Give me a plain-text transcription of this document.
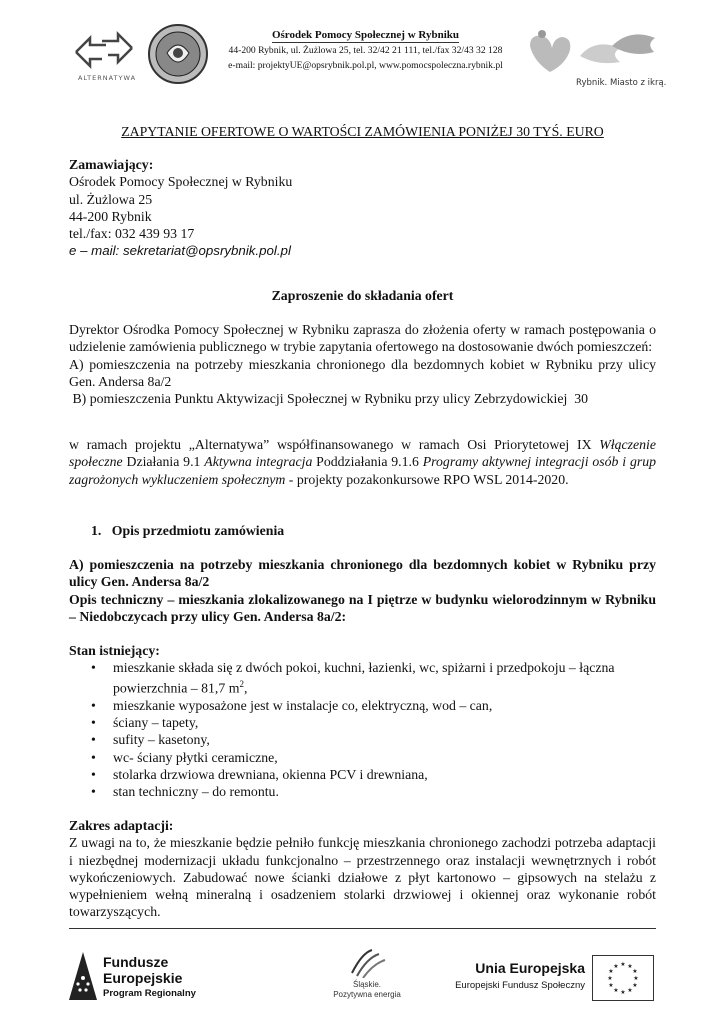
ALTERNATYWA
Ośrodek Pomocy Społecznej w Rybniku
44-200 Rybnik, ul. Żużlowa 25, tel. 32/42 21 111, tel./fax 32/43 32 128
e-mail: projektyUE@opsrybnik.pol.pl, www.pomocspoleczna.rybnik.pl
Rybnik. Miasto z ikrą.
ZAPYTANIE OFERTOWE O WARTOŚCI ZAMÓWIENIA PONIŻEJ 30 TYŚ. EURO
Zamawiający:
Ośrodek Pomocy Społecznej w Rybniku
ul. Żużlowa 25
44-200 Rybnik
tel./fax: 032 439 93 17
e – mail: sekretariat@opsrybnik.pol.pl
Zaproszenie do składania ofert
Dyrektor Ośrodka Pomocy Społecznej w Rybniku zaprasza do złożenia oferty w ramach postępowania o udzielenie zamówienia publicznego w trybie zapytania ofertowego na dostosowanie dwóch pomieszczeń:
A) pomieszczenia na potrzeby mieszkania chronionego dla bezdomnych kobiet w Rybniku przy ulicy Gen. Andersa 8a/2
B) pomieszczenia Punktu Aktywizacji Społecznej w Rybniku przy ulicy Zebrzydowickiej  30
w ramach projektu „Alternatywa” współfinansowanego w ramach Osi Priorytetowej IX Włączenie społeczne Działania 9.1 Aktywna integracja Poddziałania 9.1.6 Programy aktywnej integracji osób i grup zagrożonych wykluczeniem społecznym - projekty pozakonkursowe RPO WSL 2014-2020.
1. Opis przedmiotu zamówienia
A) pomieszczenia na potrzeby mieszkania chronionego dla bezdomnych kobiet w Rybniku przy ulicy Gen. Andersa 8a/2
Opis techniczny – mieszkania zlokalizowanego na I piętrze w budynku wielorodzinnym w Rybniku – Niedobczycach przy ulicy Gen. Andersa 8a/2:
Stan istniejący:
• mieszkanie składa się z dwóch pokoi, kuchni, łazienki, wc, spiżarni i przedpokoju – łączna powierzchnia – 81,7 $m^2$,
• mieszkanie wyposażone jest w instalacje co, elektryczną, wod – can,
• ściany – tapety,
• sufity – kasetony,
• wc- ściany płytki ceramiczne,
• stolarka drzwiowa drewniana, okienna PCV i drewniana,
• stan techniczny – do remontu.
Zakres adaptacji:
Z uwagi na to, że mieszkanie będzie pełniło funkcję mieszkania chronionego zachodzi potrzeba adaptacji i niezbędnej modernizacji układu funkcjonalno – przestrzennego oraz instalacji wewnętrznych i robót wykończeniowych. Zabudować nowe ścianki działowe z płyt kartonowo – gipsowych na stelażu z wypełnieniem wełną mineralną i osadzeniem stolarki drzwiowej i okiennej oraz wykonanie robót towarzyszących.
Fundusze
Europejskie
Program Regionalny
Śląskie.
Pozytywna energia
Unia Europejska
Europejski Fundusz Społeczny
★ ★
★
★
★
★
★
★
★
★
★
★
